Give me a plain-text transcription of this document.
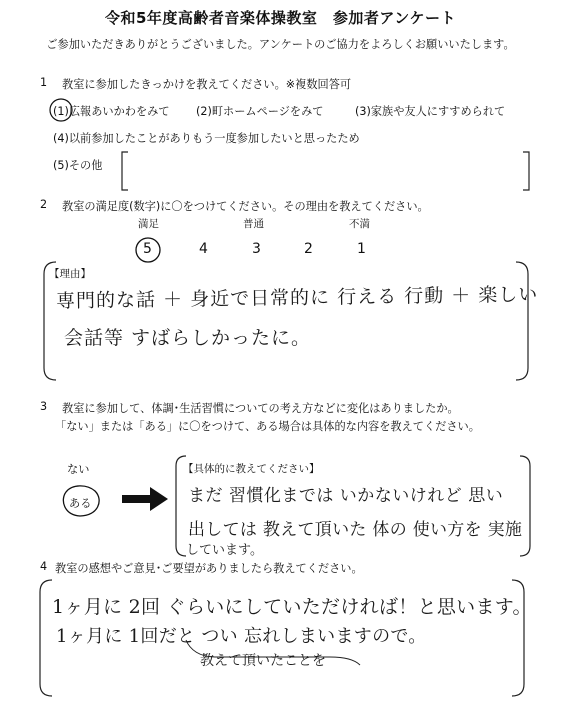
令和5年度高齢者音楽体操教室　参加者アンケート
ご参加いただきありがとうございました。アンケートのご協力をよろしくお願いいたします。
1 教室に参加したきっかけを教えてください。※複数回答可
(1)広報あいかわをみて (2)町ホームページをみて	(3)家族や友人にすすめられて
(4)以前参加したことがありもう一度参加したいと思ったため
(5)その他
2 教室の満足度(数字)に〇をつけてください。その理由を教えてください。
満足	普通	不満
5	4	3	2	1
【理由】
専門的な話 ＋ 身近で日常的に 行える 行動 ＋ 楽しい
会話等 すばらしかったに。
3 教室に参加して、体調･生活習慣についての考え方などに変化はありましたか。
「ない」または「ある」に〇をつけて、ある場合は具体的な内容を教えてください。
ない
ある
【具体的に教えてください】
まだ 習慣化までは いかないけれど 思い
出しては 教えて頂いた 体の 使い方を 実施
しています。
4 教室の感想やご意見･ご要望がありましたら教えてください。
1ヶ月に 2回 ぐらいにしていただければ！と思います。
1ヶ月に 1回だと つい 忘れしまいますので。
教えて頂いたことを
